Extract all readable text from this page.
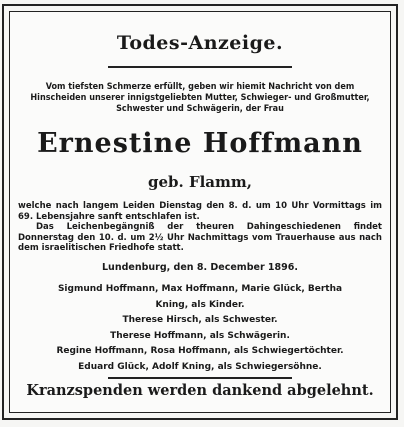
Todes-Anzeige.
Vom tiefsten Schmerze erfüllt, geben wir hiemit Nachricht von dem Hinscheiden unserer innigstgeliebten Mutter, Schwieger- und Großmutter, Schwester und Schwägerin, der Frau
Ernestine Hoffmann
geb. Flamm,

welche nach langem Leiden Dienstag den 8. d. um 10 Uhr Vormittags im 69. Lebensjahre sanft entschlafen ist.

Das Leichenbegängniß der theuren Dahingeschiedenen findet Donnerstag den 10. d. um 2½ Uhr Nachmittags vom Trauerhause aus nach dem israelitischen Friedhofe statt.

Lundenburg, den 8. December 1896.
Sigmund Hoffmann, Max Hoffmann, Marie Glück, Bertha
Kning, als Kinder.
Therese Hirsch, als Schwester.
Therese Hoffmann, als Schwägerin.
Regine Hoffmann, Rosa Hoffmann, als Schwiegertöchter.
Eduard Glück, Adolf Kning, als Schwiegersöhne.
Kranzspenden werden dankend abgelehnt.
